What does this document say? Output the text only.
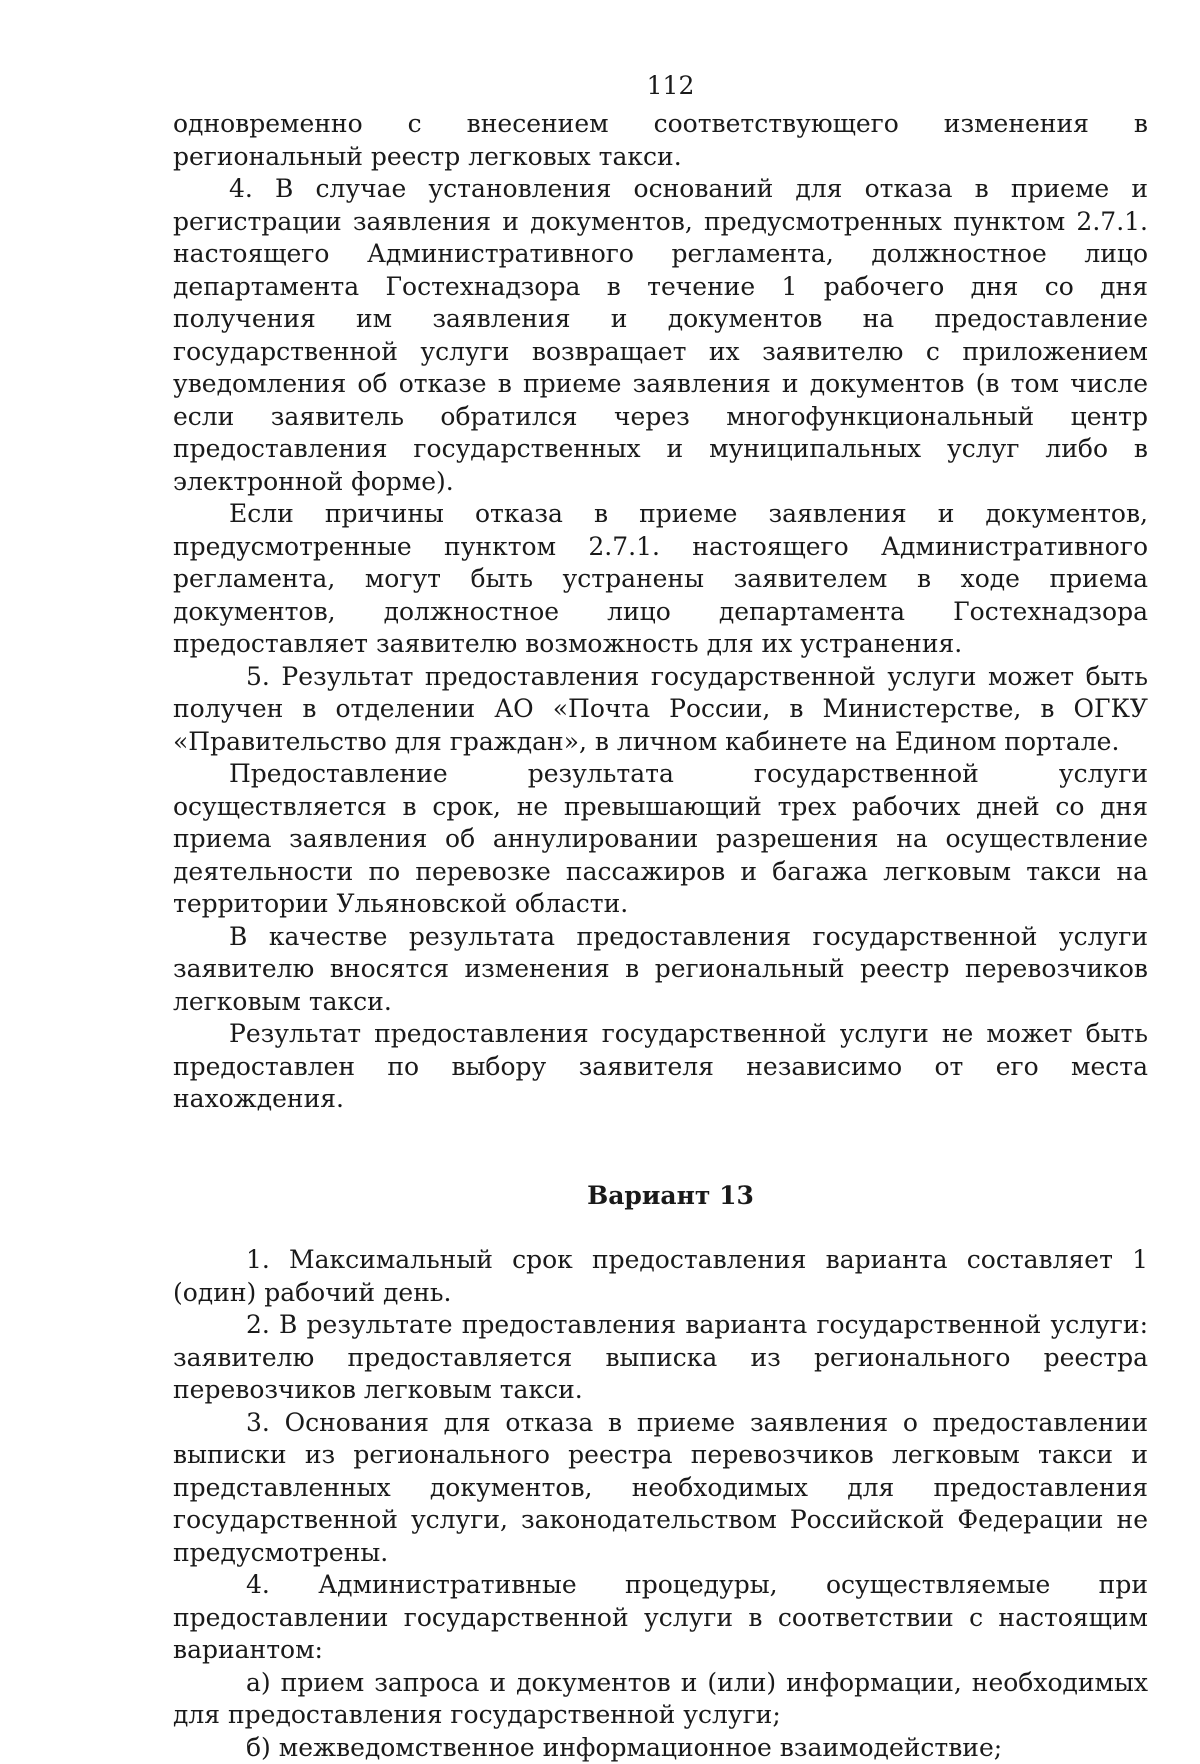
112

одновременно с внесением соответствующего изменения в региональный реестр легковых такси.

4. В случае установления оснований для отказа в приеме и регистрации заявления и документов, предусмотренных пунктом 2.7.1. настоящего Административного регламента, должностное лицо департамента Гостехнадзора в течение 1 рабочего дня со дня получения им заявления и документов на предоставление государственной услуги возвращает их заявителю с приложением уведомления об отказе в приеме заявления и документов (в том числе если заявитель обратился через многофункциональный центр предоставления государственных и муниципальных услуг либо в электронной форме).

Если причины отказа в приеме заявления и документов, предусмотренные пунктом 2.7.1. настоящего Административного регламента, могут быть устранены заявителем в ходе приема документов, должностное лицо департамента Гостехнадзора предоставляет заявителю возможность для их устранения.

5. Результат предоставления государственной услуги может быть получен в отделении АО «Почта России, в Министерстве, в ОГКУ «Правительство для граждан», в личном кабинете на Едином портале.

Предоставление результата государственной услуги осуществляется в срок, не превышающий трех рабочих дней со дня приема заявления об аннулировании разрешения на осуществление деятельности по перевозке пассажиров и багажа легковым такси на территории Ульяновской области.

В качестве результата предоставления государственной услуги заявителю вносятся изменения в региональный реестр перевозчиков легковым такси.

Результат предоставления государственной услуги не может быть предоставлен по выбору заявителя независимо от его места нахождения.

Вариант 13

1. Максимальный срок предоставления варианта составляет 1 (один) рабочий день.

2. В результате предоставления варианта государственной услуги: заявителю предоставляется выписка из регионального реестра перевозчиков легковым такси.

3. Основания для отказа в приеме заявления о предоставлении выписки из регионального реестра перевозчиков легковым такси и представленных документов, необходимых для предоставления государственной услуги, законодательством Российской Федерации не предусмотрены.

4. Административные процедуры, осуществляемые при предоставлении государственной услуги в соответствии с настоящим вариантом:

а) прием запроса и документов и (или) информации, необходимых для предоставления государственной услуги;

б) межведомственное информационное взаимодействие;
